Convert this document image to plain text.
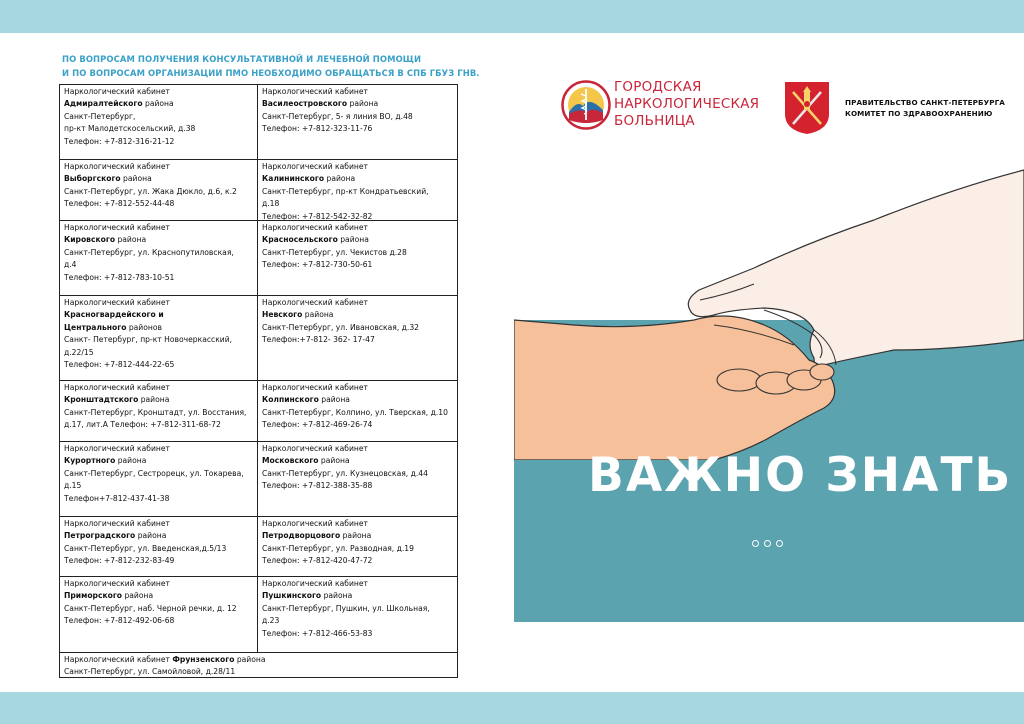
ПО ВОПРОСАМ ПОЛУЧЕНИЯ КОНСУЛЬТАТИВНОЙ И ЛЕЧЕБНОЙ ПОМОЩИ
И ПО ВОПРОСАМ ОРГАНИЗАЦИИ ПМО НЕОБХОДИМО ОБРАЩАТЬСЯ В СПБ ГБУЗ ГНВ.
Наркологический кабинет
Адмиралтейского района
Санкт-Петербург,
пр-кт Малодетскосельский, д.38
Телефон: +7-812-316-21-12
Наркологический кабинет
Василеостровского района
Санкт-Петербург, 5- я линия ВО, д.48
Телефон: +7-812-323-11-76
Наркологический кабинет
Выборгского района
Санкт-Петербург, ул. Жака Дюкло, д.6, к.2
Телефон: +7-812-552-44-48
Наркологический кабинет
Калининского района
Санкт-Петербург, пр-кт Кондратьевский,
д.18
Телефон: +7-812-542-32-82
Наркологический кабинет
Кировского района
Санкт-Петербург, ул. Краснопутиловская,
д.4
Телефон: +7-812-783-10-51
Наркологический кабинет
Красносельского района
Санкт-Петербург, ул. Чекистов д.28
Телефон: +7-812-730-50-61
Наркологический кабинет
Красногвардейского и
Центрального районов
Санкт- Петербург, пр-кт Новочеркасский,
д.22/15
Телефон: +7-812-444-22-65
Наркологический кабинет
Невского района
Санкт-Петербург, ул. Ивановская, д.32
Телефон:+7-812- 362- 17-47
Наркологический кабинет
Кронштадтского района
Санкт-Петербург, Кронштадт, ул. Восстания,
д.17, лит.А Телефон: +7-812-311-68-72
Наркологический кабинет
Колпинского района
Санкт-Петербург, Колпино, ул. Тверская, д.10
Телефон: +7-812-469-26-74
Наркологический кабинет
Курортного района
Санкт-Петербург, Сестрорецк, ул. Токарева,
д.15
Телефон+7-812-437-41-38
Наркологический кабинет
Московского района
Санкт-Петербург, ул. Кузнецовская, д.44
Телефон: +7-812-388-35-88
Наркологический кабинет
Петроградского района
Санкт-Петербург, ул. Введенская,д.5/13
Телефон: +7-812-232-83-49
Наркологический кабинет
Петродворцового района
Санкт-Петербург, ул. Разводная, д.19
Телефон: +7-812-420-47-72
Наркологический кабинет
Приморского района
Санкт-Петербург, наб. Черной речки, д. 12
Телефон: +7-812-492-06-68
Наркологический кабинет
Пушкинского района
Санкт-Петербург, Пушкин, ул. Школьная,
д.23
Телефон: +7-812-466-53-83
Наркологический кабинет Фрунзенского района
Санкт-Петербург, ул. Самойловой, д.28/11
ГОРОДСКАЯ
НАРКОЛОГИЧЕСКАЯ
БОЛЬНИЦА
ПРАВИТЕЛЬСТВО САНКТ-ПЕТЕРБУРГА
КОМИТЕТ ПО ЗДРАВООХРАНЕНИЮ
ВАЖНО ЗНАТЬ
